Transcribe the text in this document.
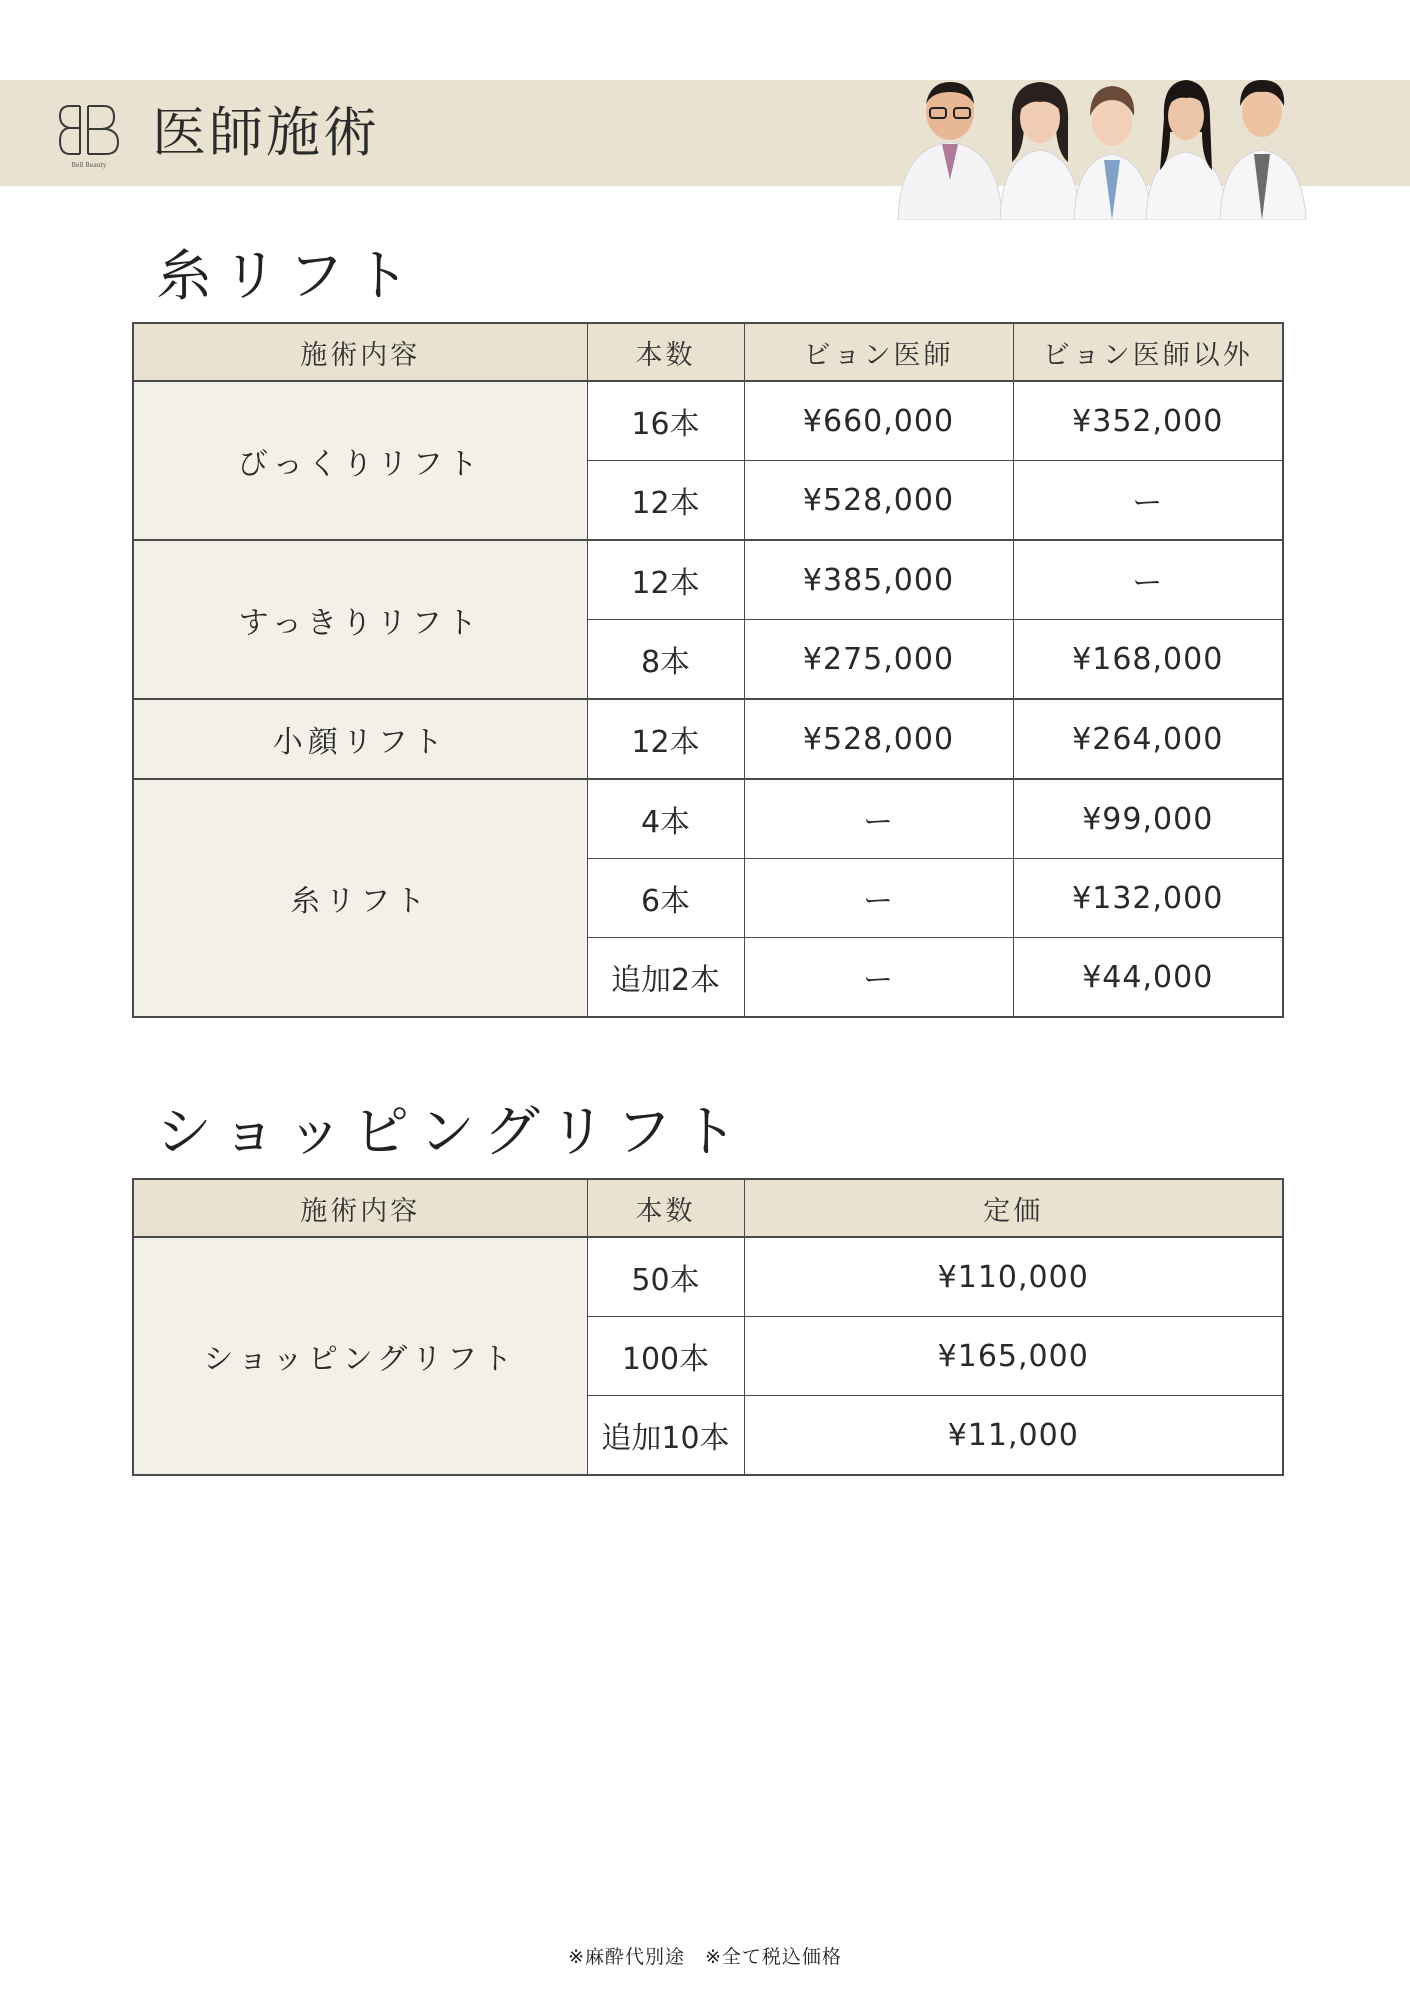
Bell Beauty
医師施術
糸リフト
施術内容	本数	ビョン医師	ビョン医師以外
びっくりリフト	16本	¥660,000	¥352,000
	12本	¥528,000	ー
すっきりリフト	12本	¥385,000	ー
	8本	¥275,000	¥168,000
小顔リフト	12本	¥528,000	¥264,000
糸リフト	4本	ー	¥99,000
	6本	ー	¥132,000
	追加2本	ー	¥44,000
ショッピングリフト
施術内容	本数	定価
ショッピングリフト	50本	¥110,000
	100本	¥165,000
	追加10本	¥11,000
※麻酔代別途　※全て税込価格
